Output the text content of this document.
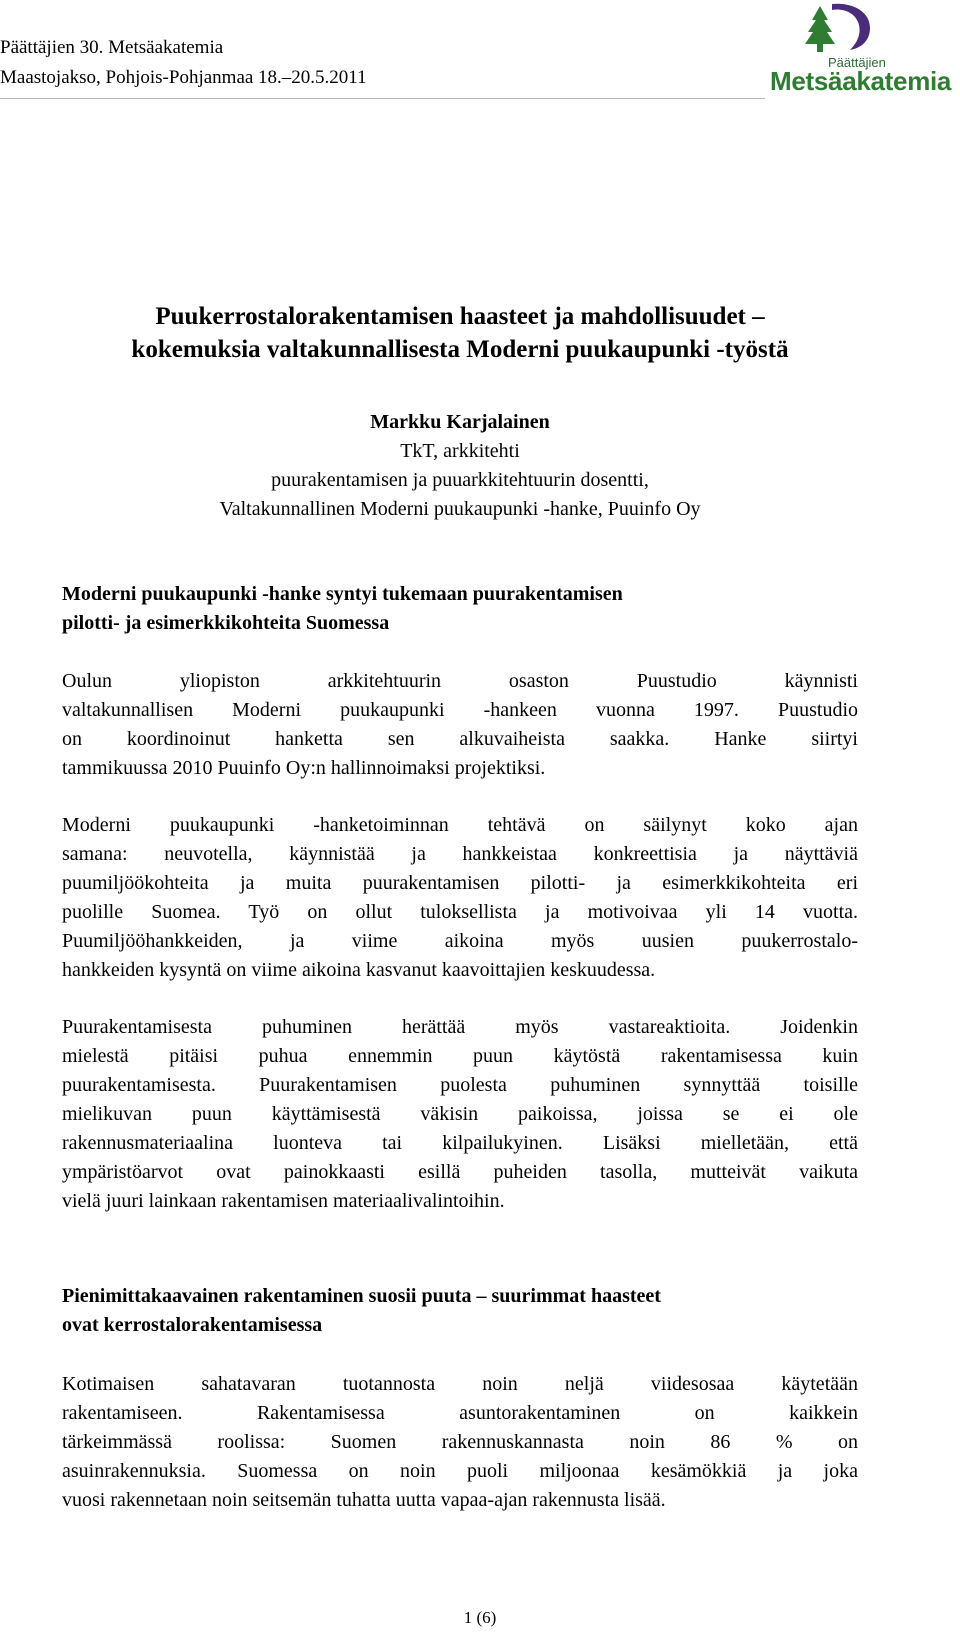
Päättäjien 30. Metsäakatemia
Maastojakso, Pohjois-Pohjanmaa 18.–20.5.2011
Päättäjien
Metsäakatemia
Puukerrostalorakentamisen haasteet ja mahdollisuudet –
kokemuksia valtakunnallisesta Moderni puukaupunki -työstä
Markku Karjalainen
TkT, arkkitehti
puurakentamisen ja puuarkkitehtuurin dosentti,
Valtakunnallinen Moderni puukaupunki -hanke, Puuinfo Oy
Moderni puukaupunki -hanke syntyi tukemaan puurakentamisen
pilotti- ja esimerkkikohteita Suomessa
Oulun yliopiston arkkitehtuurin osaston Puustudio käynnisti
valtakunnallisen Moderni puukaupunki -hankeen vuonna 1997. Puustudio
on koordinoinut hanketta sen alkuvaiheista saakka. Hanke siirtyi
tammikuussa 2010 Puuinfo Oy:n hallinnoimaksi projektiksi.
Moderni puukaupunki -hanketoiminnan tehtävä on säilynyt koko ajan
samana: neuvotella, käynnistää ja hankkeistaa konkreettisia ja näyttäviä
puumiljöökohteita ja muita puurakentamisen pilotti- ja esimerkkikohteita eri
puolille Suomea. Työ on ollut tuloksellista ja motivoivaa yli 14 vuotta.
Puumiljööhankkeiden, ja viime aikoina myös uusien puukerrostalo-
hankkeiden kysyntä on viime aikoina kasvanut kaavoittajien keskuudessa.
Puurakentamisesta puhuminen herättää myös vastareaktioita. Joidenkin
mielestä pitäisi puhua ennemmin puun käytöstä rakentamisessa kuin
puurakentamisesta. Puurakentamisen puolesta puhuminen synnyttää toisille
mielikuvan puun käyttämisestä väkisin paikoissa, joissa se ei ole
rakennusmateriaalina luonteva tai kilpailukyinen. Lisäksi mielletään, että
ympäristöarvot ovat painokkaasti esillä puheiden tasolla, mutteivät vaikuta
vielä juuri lainkaan rakentamisen materiaalivalintoihin.
Pienimittakaavainen rakentaminen suosii puuta – suurimmat haasteet
ovat kerrostalorakentamisessa
Kotimaisen sahatavaran tuotannosta noin neljä viidesosaa käytetään
rakentamiseen. Rakentamisessa asuntorakentaminen on kaikkein
tärkeimmässä roolissa: Suomen rakennuskannasta noin 86 % on
asuinrakennuksia. Suomessa on noin puoli miljoonaa kesämökkiä ja joka
vuosi rakennetaan noin seitsemän tuhatta uutta vapaa-ajan rakennusta lisää.
1 (6)
